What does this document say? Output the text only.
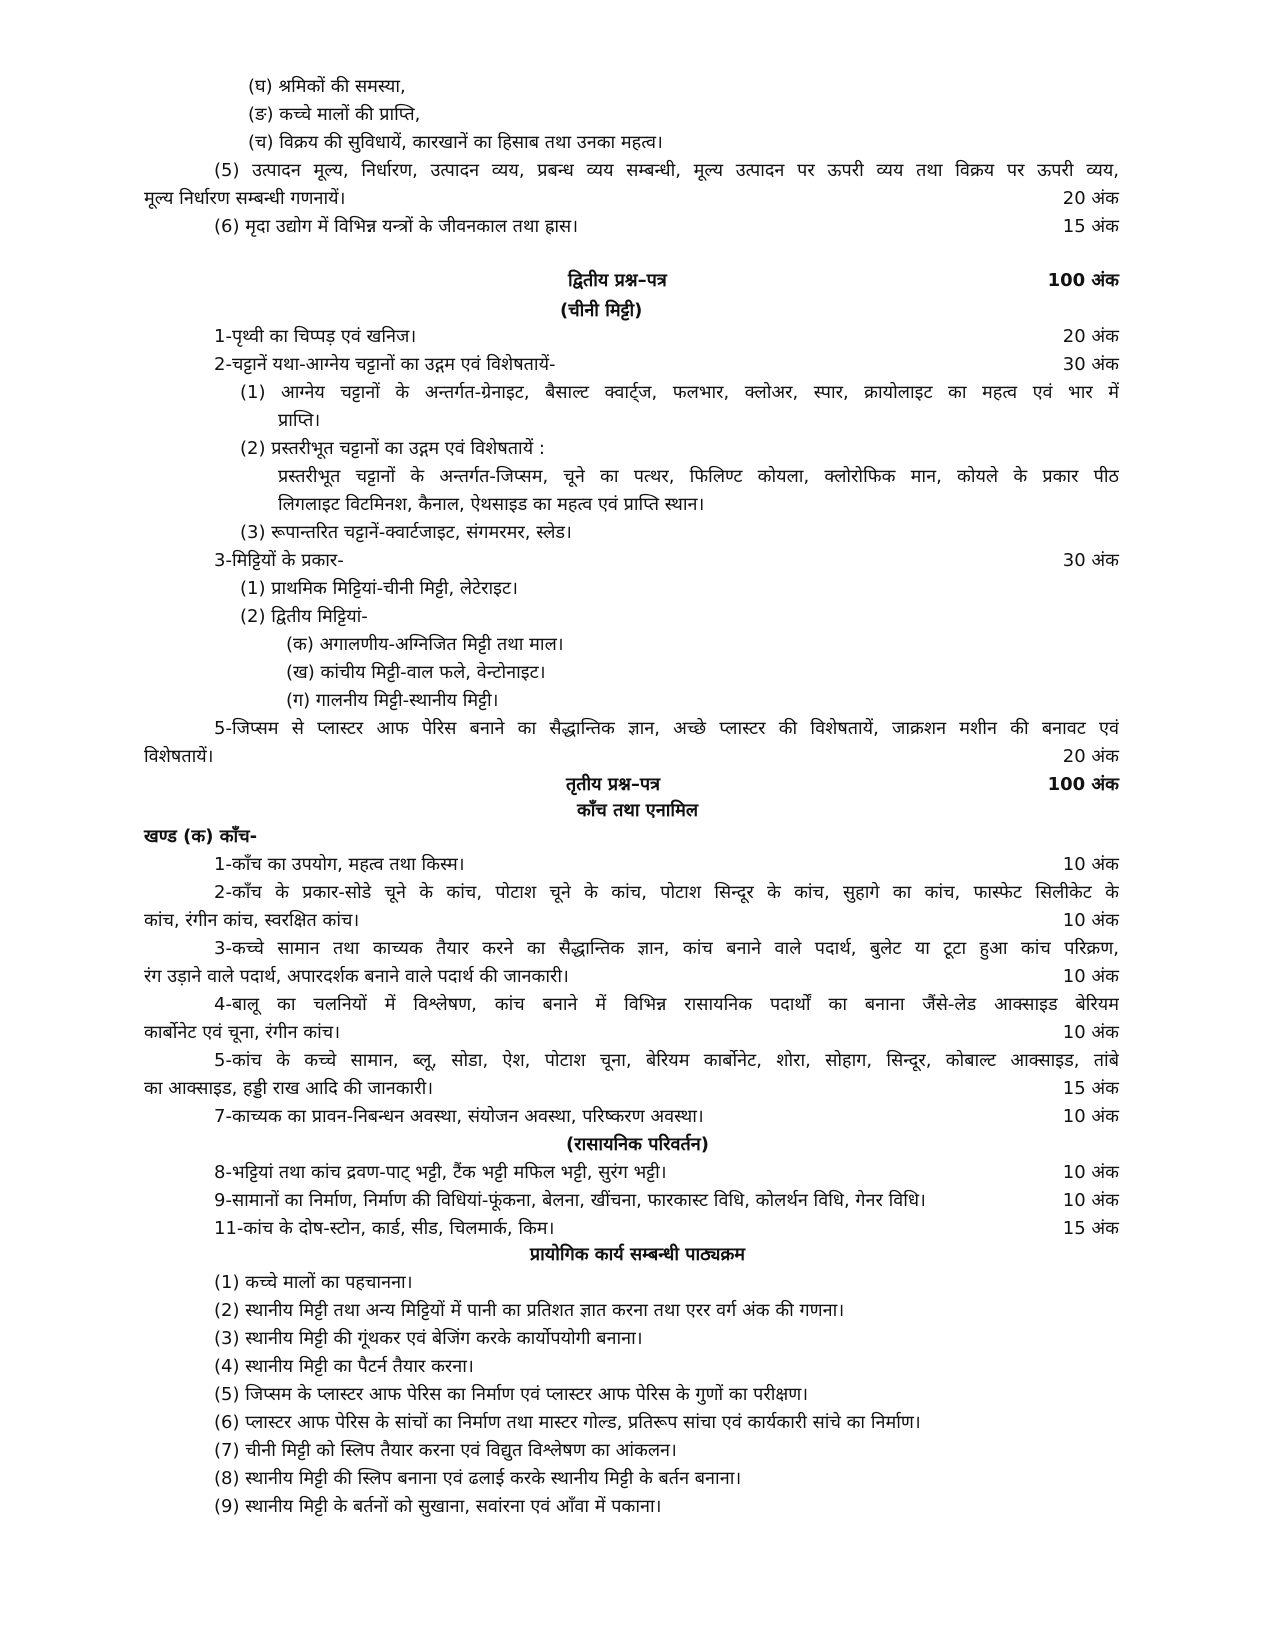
(घ) श्रमिकों की समस्या,
(ङ) कच्चे मालों की प्राप्ति,
(च) विक्रय की सुविधायें, कारखानें का हिसाब तथा उनका महत्व।
(5) उत्पादन मूल्य, निर्धारण, उत्पादन व्यय, प्रबन्ध व्यय सम्बन्धी, मूल्य उत्पादन पर ऊपरी व्यय तथा विक्रय पर ऊपरी व्यय,
मूल्य निर्धारण सम्बन्धी गणनायें।	20 अंक
(6) मृदा उद्योग में विभिन्न यन्त्रों के जीवनकाल तथा ह्रास।	15 अंक
द्वितीय प्रश्न–पत्र	100 अंक
(चीनी मिट्टी)
1-पृथ्वी का चिप्पड़ एवं खनिज।	20 अंक
2-चट्टानें यथा-आग्नेय चट्टानों का उद्गम एवं विशेषतायें-	30 अंक
(1) आग्नेय चट्टानों के अन्तर्गत-ग्रेनाइट, बैसाल्ट क्वार्ट्ज, फलभार, क्लोअर, स्पार, क्रायोलाइट का महत्व एवं भार में
प्राप्ति।
(2) प्रस्तरीभूत चट्टानों का उद्गम एवं विशेषतायें :
प्रस्तरीभूत चट्टानों के अन्तर्गत-जिप्सम, चूने का पत्थर, फिलिण्ट कोयला, क्लोरोफिक मान, कोयले के प्रकार पीठ
लिगलाइट विटमिनश, कैनाल, ऐथसाइड का महत्व एवं प्राप्ति स्थान।
(3) रूपान्तरित चट्टानें-क्वार्टजाइट, संगमरमर, स्लेड।
3-मिट्टियों के प्रकार-	30 अंक
(1) प्राथमिक मिट्टियां-चीनी मिट्टी, लेटेराइट।
(2) द्वितीय मिट्टियां-
(क) अगालणीय-अग्निजित मिट्टी तथा माल।
(ख) कांचीय मिट्टी-वाल फले, वेन्टोनाइट।
(ग) गालनीय मिट्टी-स्थानीय मिट्टी।
5-जिप्सम से प्लास्टर आफ पेरिस बनाने का सैद्धान्तिक ज्ञान, अच्छे प्लास्टर की विशेषतायें, जाक्रशन मशीन की बनावट एवं
विशेषतायें।	20 अंक
तृतीय प्रश्न–पत्र	100 अंक
काँच तथा एनामिल
खण्ड (क) काँच-
1-काँच का उपयोग, महत्व तथा किस्म।	10 अंक
2-काँच के प्रकार-सोडे चूने के कांच, पोटाश चूने के कांच, पोटाश सिन्दूर के कांच, सुहागे का कांच, फास्फेट सिलीकेट के
कांच, रंगीन कांच, स्वरक्षित कांच।	10 अंक
3-कच्चे सामान तथा काच्यक तैयार करने का सैद्धान्तिक ज्ञान, कांच बनाने वाले पदार्थ, बुलेट या टूटा हुआ कांच परिक्रण,
रंग उड़ाने वाले पदार्थ, अपारदर्शक बनाने वाले पदार्थ की जानकारी।	10 अंक
4-बालू का चलनियों में विश्लेषण, कांच बनाने में विभिन्न रासायनिक पदार्थों का बनाना जैंसे-लेड आक्साइड बेरियम
कार्बोनेट एवं चूना, रंगीन कांच।	10 अंक
5-कांच के कच्चे सामान, ब्लू, सोडा, ऐश, पोटाश चूना, बेरियम कार्बोनेट, शोरा, सोहाग, सिन्दूर, कोबाल्ट आक्साइड, तांबे
का आक्साइड, हड्डी राख आदि की जानकारी।	15 अंक
7-काच्यक का प्रावन-निबन्धन अवस्था, संयोजन अवस्था, परिष्करण अवस्था।	10 अंक
(रासायनिक परिवर्तन)
8-भट्टियां तथा कांच द्रवण-पाट् भट्टी, टैंक भट्टी मफिल भट्टी, सुरंग भट्टी।	10 अंक
9-सामानों का निर्माण, निर्माण की विधियां-फूंकना, बेलना, खींचना, फारकास्ट विधि, कोलर्थन विधि, गेनर विधि।	10 अंक
11-कांच के दोष-स्टोन, कार्ड, सीड, चिलमार्क, किम।	15 अंक
प्रायोगिक कार्य सम्बन्धी पाठ्यक्रम
(1) कच्चे मालों का पहचानना।
(2) स्थानीय मिट्टी तथा अन्य मिट्टियों में पानी का प्रतिशत ज्ञात करना तथा एरर वर्ग अंक की गणना।
(3) स्थानीय मिट्टी की गूंथकर एवं बेजिंग करके कार्योपयोगी बनाना।
(4) स्थानीय मिट्टी का पैटर्न तैयार करना।
(5) जिप्सम के प्लास्टर आफ पेरिस का निर्माण एवं प्लास्टर आफ पेरिस के गुणों का परीक्षण।
(6) प्लास्टर आफ पेरिस के सांचों का निर्माण तथा मास्टर गोल्ड, प्रतिरूप सांचा एवं कार्यकारी सांचे का निर्माण।
(7) चीनी मिट्टी को स्लिप तैयार करना एवं विद्युत विश्लेषण का आंकलन।
(8) स्थानीय मिट्टी की स्लिप बनाना एवं ढलाई करके स्थानीय मिट्टी के बर्तन बनाना।
(9) स्थानीय मिट्टी के बर्तनों को सुखाना, सवांरना एवं आँवा में पकाना।
